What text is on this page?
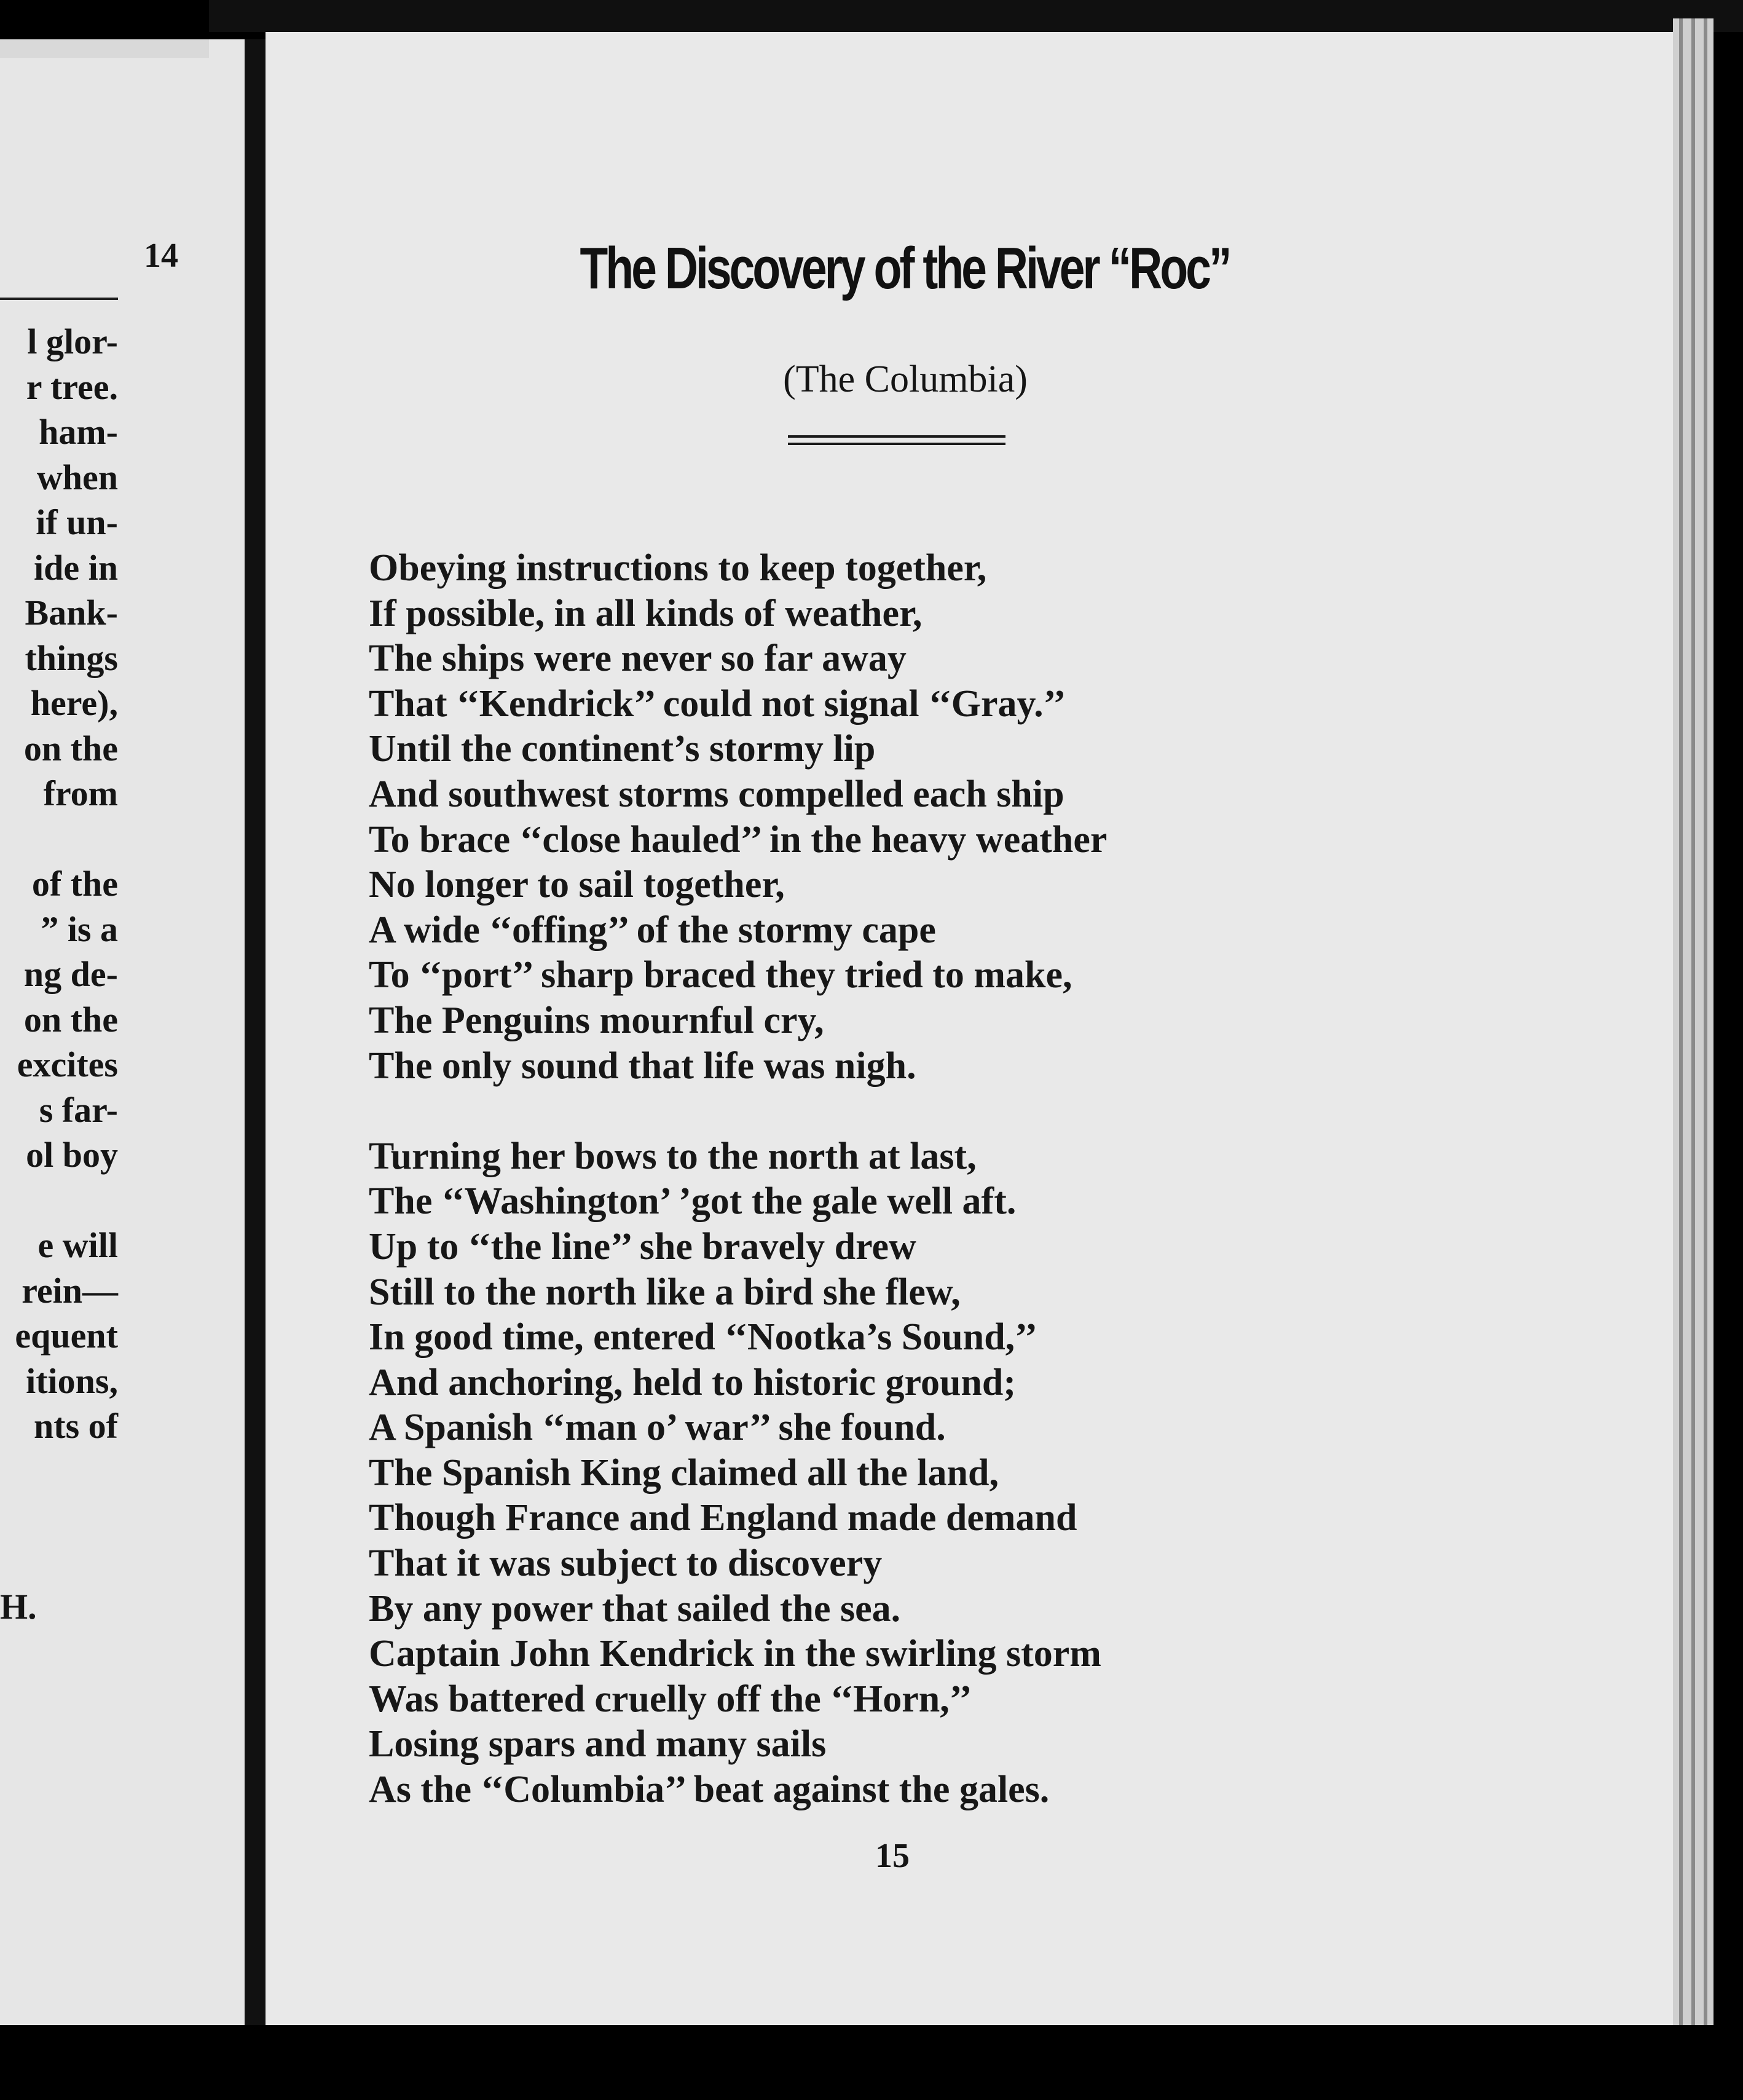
14
l glor-
r tree.
ham-
when
if un-
ide in
Bank-
things
here),
on the
from
of the
” is a
ng de-
on the
excites
s far-
ol boy
e will
rein—
equent
itions,
nts of
H.
The Discovery of the River “Roc”
(The Columbia)
Obeying instructions to keep together,
If possible, in all kinds of weather,
The ships were never so far away
That ‘‘Kendrick’’ could not signal ‘‘Gray.’’
Until the continent’s stormy lip
And southwest storms compelled each ship
To brace ‘‘close hauled’’ in the heavy weather
No longer to sail together,
A wide ‘‘offing’’ of the stormy cape
To ‘‘port’’ sharp braced they tried to make,
The Penguins mournful cry,
The only sound that life was nigh.
Turning her bows to the north at last,
The ‘‘Washington’ ’got the gale well aft.
Up to ‘‘the line’’ she bravely drew
Still to the north like a bird she flew,
In good time, entered ‘‘Nootka’s Sound,’’
And anchoring, held to historic ground;
A Spanish ‘‘man o’ war’’ she found.
The Spanish King claimed all the land,
Though France and England made demand
That it was subject to discovery
By any power that sailed the sea.
Captain John Kendrick in the swirling storm
Was battered cruelly off the ‘‘Horn,’’
Losing spars and many sails
As the ‘‘Columbia’’ beat against the gales.
15
